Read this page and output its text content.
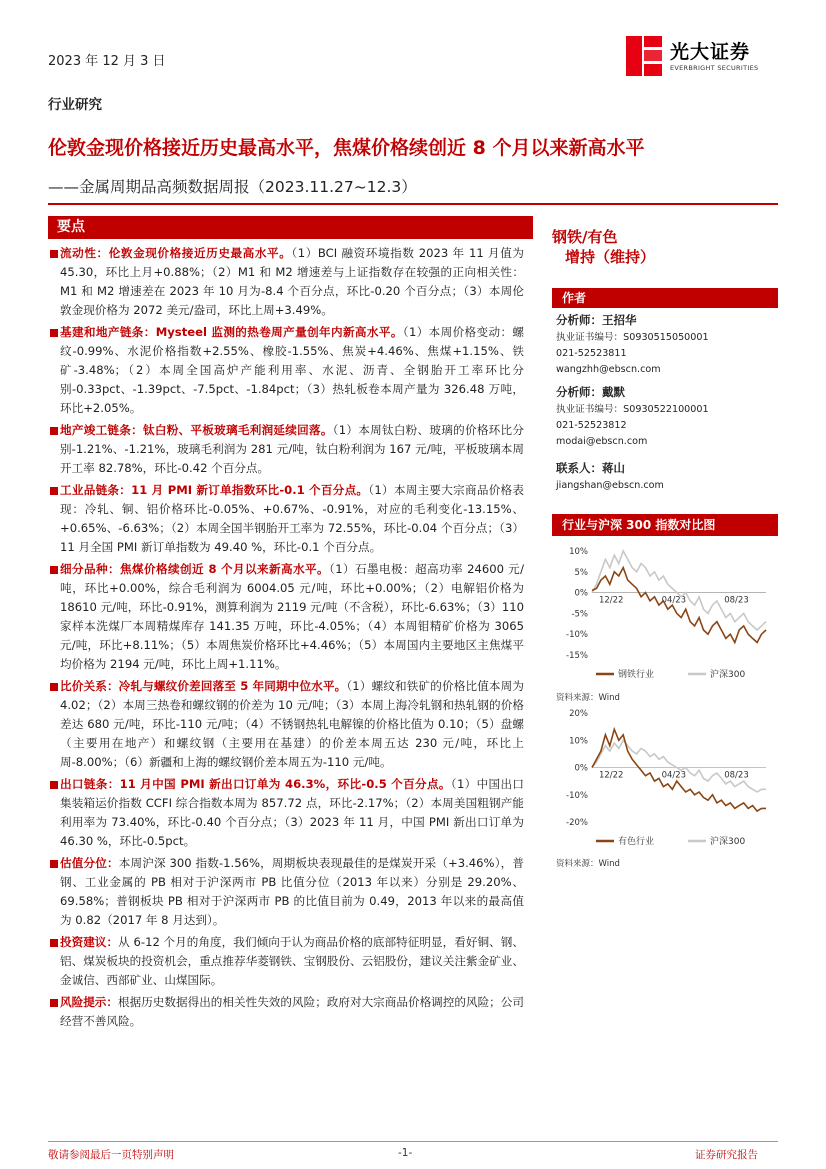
2023 年 12 月 3 日	光大证券
EVERBRIGHT SECURITIES
行业研究
伦敦金现价格接近历史最高水平，焦煤价格续创近 8 个月以来新高水平
——金属周期品高频数据周报（2023.11.27~12.3）
要点

流动性：伦敦金现价格接近历史最高水平。（1）BCI 融资环境指数 2023 年 11 月值为 45.30，环比上月+0.88%；（2）M1 和 M2 增速差与上证指数存在较强的正向相关性：M1 和 M2 增速差在 2023 年 10 月为-8.4 个百分点，环比-0.20 个百分点；（3）本周伦敦金现价格为 2072 美元/盎司，环比上周+3.49%。

基建和地产链条：Mysteel 监测的热卷周产量创年内新高水平。（1）本周价格变动：螺纹-0.99%、水泥价格指数+2.55%、橡胶-1.55%、焦炭+4.46%、焦煤+1.15%、铁矿-3.48%；（2）本周全国高炉产能利用率、水泥、沥青、全钢胎开工率环比分别-0.33pct、-1.39pct、-7.5pct、-1.84pct；（3）热轧板卷本周产量为 326.48 万吨，环比+2.05%。

地产竣工链条：钛白粉、平板玻璃毛利润延续回落。（1）本周钛白粉、玻璃的价格环比分别-1.21%、-1.21%，玻璃毛利润为 281 元/吨，钛白粉利润为 167 元/吨，平板玻璃本周开工率 82.78%，环比-0.42 个百分点。

工业品链条：11 月 PMI 新订单指数环比-0.1 个百分点。（1）本周主要大宗商品价格表现：冷轧、铜、铝价格环比-0.05%、+0.67%、-0.91%，对应的毛利变化-13.15%、+0.65%、-6.63%；（2）本周全国半钢胎开工率为 72.55%，环比-0.04 个百分点；（3）11 月全国 PMI 新订单指数为 49.40 %，环比-0.1 个百分点。

细分品种：焦煤价格续创近 8 个月以来新高水平。（1）石墨电极：超高功率 24600 元/吨，环比+0.00%，综合毛利润为 6004.05 元/吨，环比+0.00%；（2）电解铝价格为 18610 元/吨，环比-0.91%，测算利润为 2119 元/吨（不含税），环比-6.63%；（3）110 家样本洗煤厂本周精煤库存 141.35 万吨，环比-4.05%；（4）本周钼精矿价格为 3065 元/吨，环比+8.11%；（5）本周焦炭价格环比+4.46%；（5）本周国内主要地区主焦煤平均价格为 2194 元/吨，环比上周+1.11%。

比价关系：冷轧与螺纹价差回落至 5 年同期中位水平。（1）螺纹和铁矿的价格比值本周为 4.02；（2）本周三热卷和螺纹钢的价差为 10 元/吨；（3）本周上海冷轧钢和热轧钢的价格差达 680 元/吨，环比-110 元/吨；（4）不锈钢热轧电解镍的价格比值为 0.10；（5）盘螺（主要用在地产）和螺纹钢（主要用在基建）的价差本周五达 230 元/吨，环比上周-8.00%；（6）新疆和上海的螺纹钢价差本周五为-110 元/吨。

出口链条：11 月中国 PMI 新出口订单为 46.3%，环比-0.5 个百分点。（1）中国出口集装箱运价指数 CCFI 综合指数本周为 857.72 点，环比-2.17%；（2）本周美国粗钢产能利用率为 73.40%，环比-0.40 个百分点；（3）2023 年 11 月，中国 PMI 新出口订单为 46.30 %，环比-0.5pct。

估值分位：本周沪深 300 指数-1.56%，周期板块表现最佳的是煤炭开采（+3.46%），普钢、工业金属的 PB 相对于沪深两市 PB 比值分位（2013 年以来）分别是 29.20%、69.58%；普钢板块 PB 相对于沪深两市 PB 的比值目前为 0.49，2013 年以来的最高值为 0.82（2017 年 8 月达到）。

投资建议：从 6-12 个月的角度，我们倾向于认为商品价格的底部特征明显，看好铜、钢、铝、煤炭板块的投资机会，重点推荐华菱钢铁、宝钢股份、云铝股份，建议关注紫金矿业、金诚信、西部矿业、山煤国际。

风险提示：根据历史数据得出的相关性失效的风险；政府对大宗商品价格调控的风险；公司经营不善风险。

钢铁/有色
增持（维持）
作者
分析师：王招华
执业证书编号：S0930515050001
021-52523811
wangzhh@ebscn.com
分析师：戴默
执业证书编号：S0930522100001
021-52523812
modai@ebscn.com
联系人：蒋山
jiangshan@ebscn.com
行业与沪深 300 指数对比图
10%
5%
0%
-5%
-10%
-15%
12/22	04/23	08/23
钢铁行业	沪深300
资料来源：Wind
20%
10%
0%
-10%
-20%
12/22	04/23	08/23
有色行业	沪深300
资料来源：Wind
敬请参阅最后一页特别声明	-1-	证券研究报告
